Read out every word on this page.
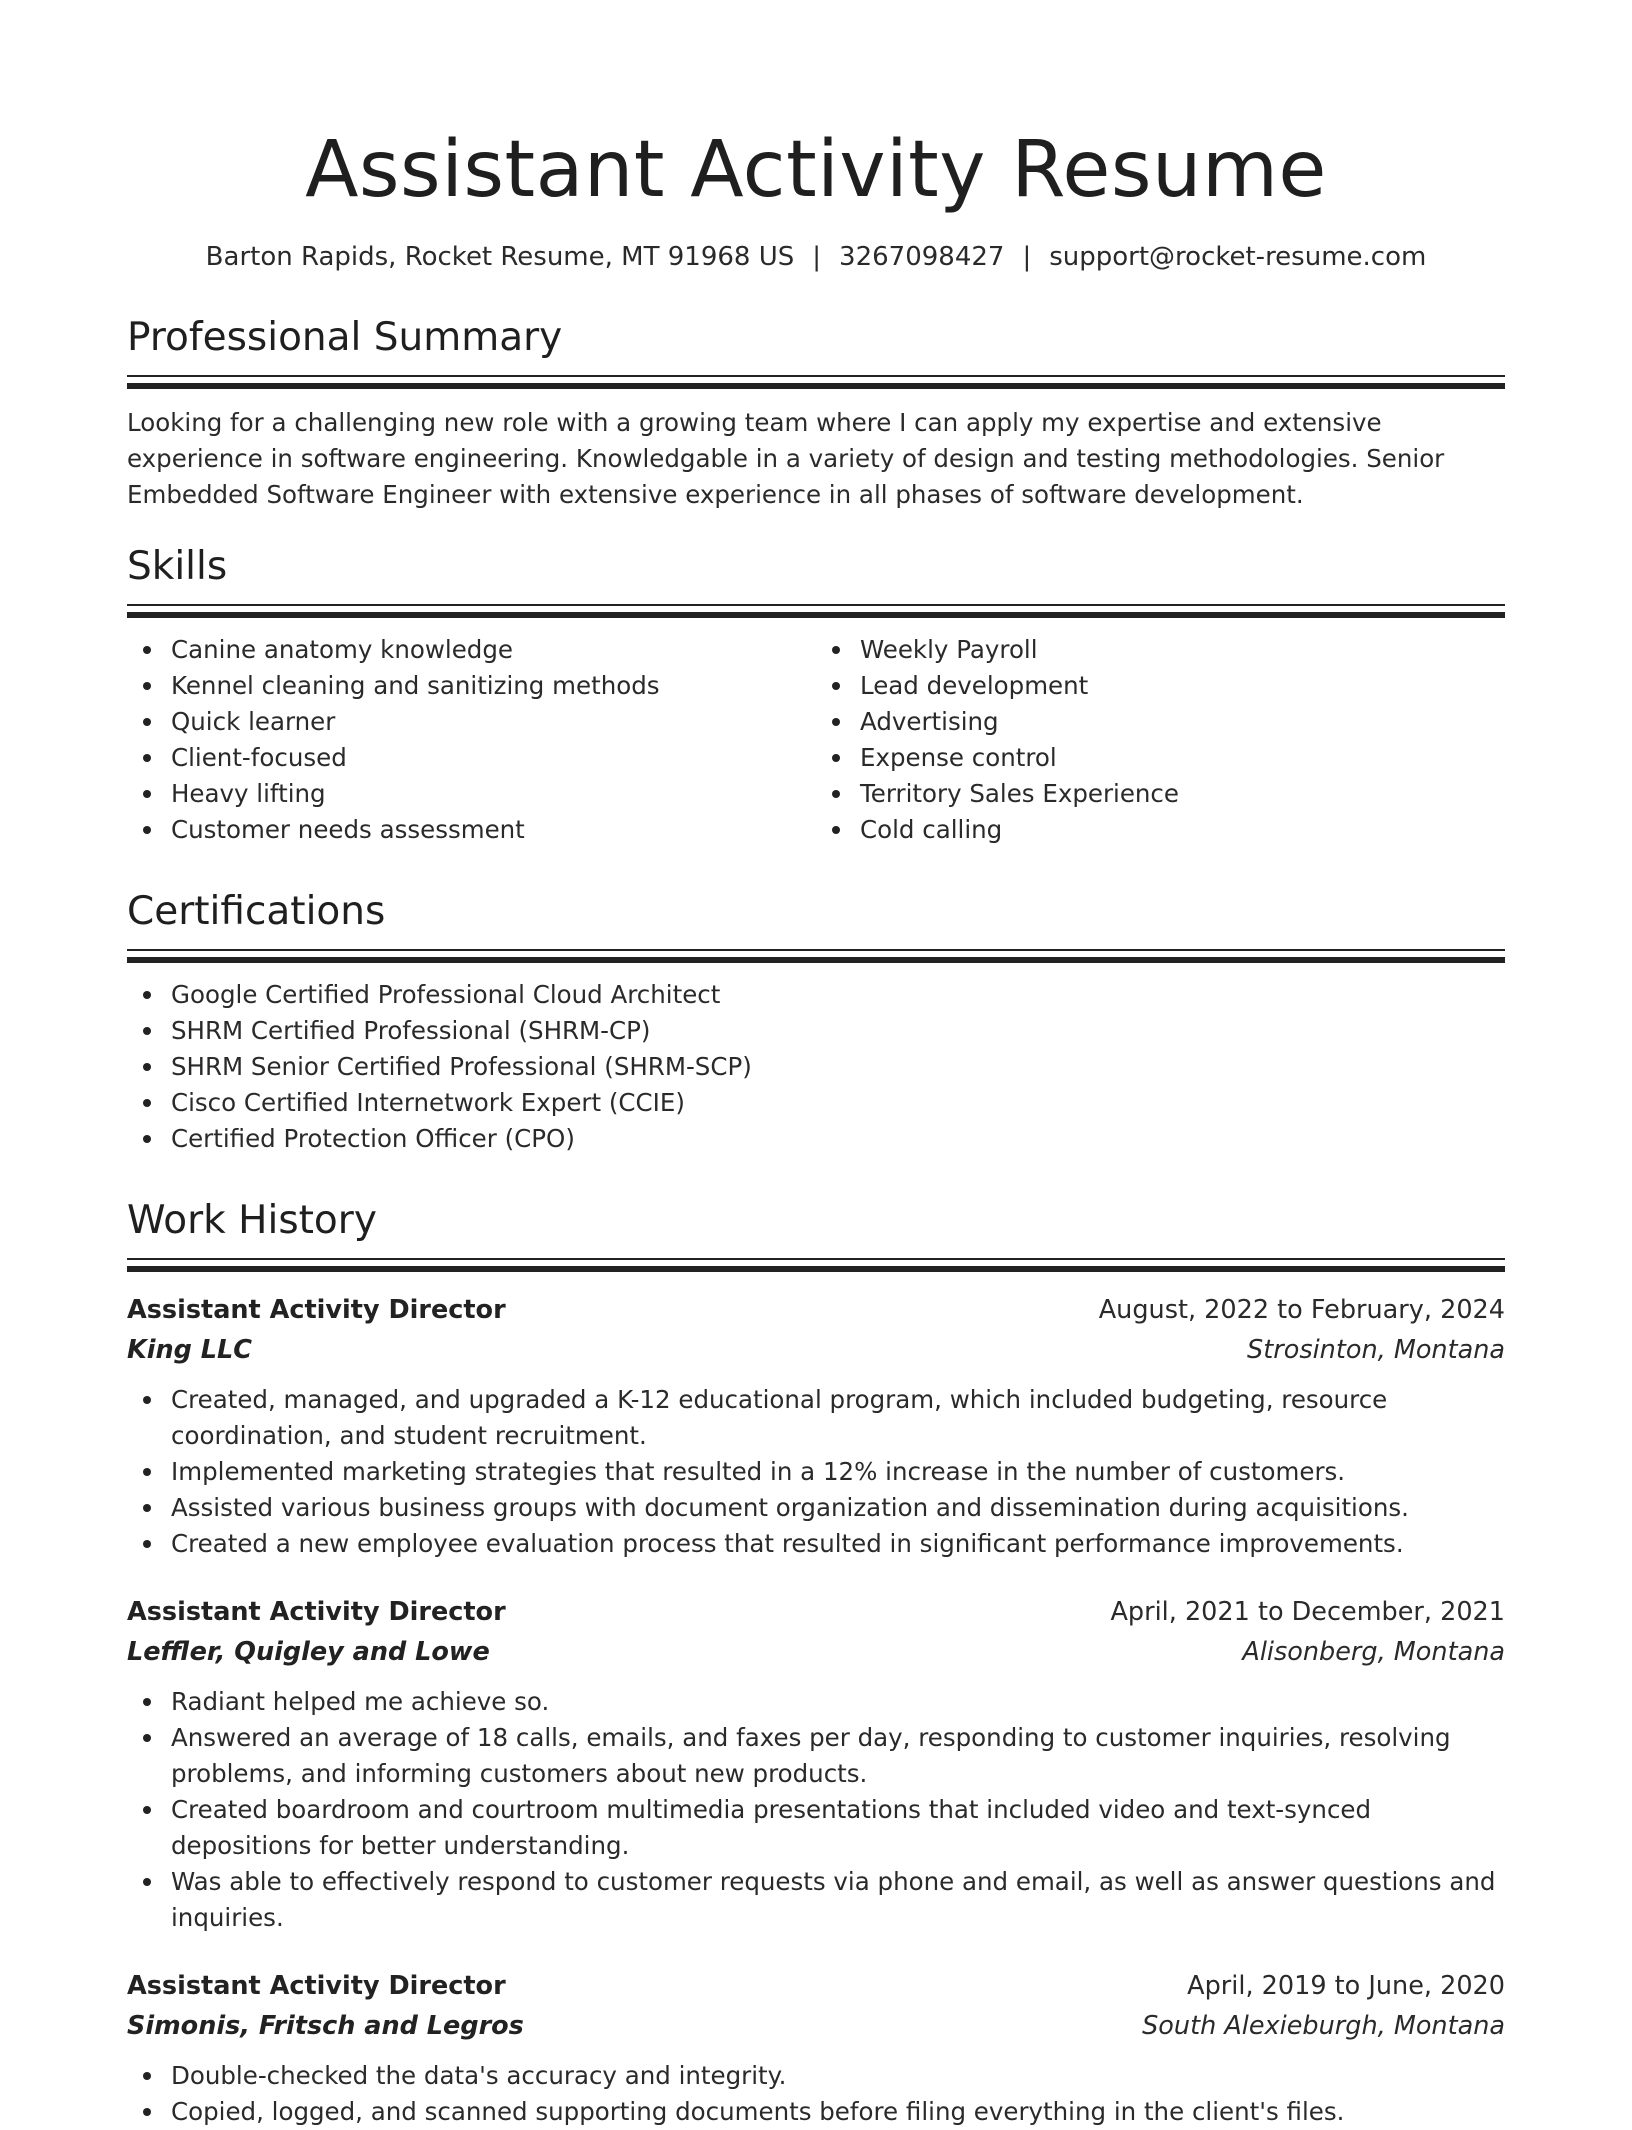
Assistant Activity Resume
Barton Rapids, Rocket Resume, MT 91968 US | 3267098427 | support@rocket-resume.com
Professional Summary

Looking for a challenging new role with a growing team where I can apply my expertise and extensive experience in software engineering. Knowledgable in a variety of design and testing methodologies. Senior Embedded Software Engineer with extensive experience in all phases of software development.

Skills
Canine anatomy knowledge
Kennel cleaning and sanitizing methods
Quick learner
Client-focused
Heavy lifting
Customer needs assessment
Weekly Payroll
Lead development
Advertising
Expense control
Territory Sales Experience
Cold calling
Certifications
Google Certified Professional Cloud Architect
SHRM Certified Professional (SHRM-CP)
SHRM Senior Certified Professional (SHRM-SCP)
Cisco Certified Internetwork Expert (CCIE)
Certified Protection Officer (CPO)
Work History
Assistant Activity Director	August, 2022 to February, 2024
King LLC	Strosinton, Montana
Created, managed, and upgraded a K-12 educational program, which included budgeting, resource coordination, and student recruitment.
Implemented marketing strategies that resulted in a 12% increase in the number of customers.
Assisted various business groups with document organization and dissemination during acquisitions.
Created a new employee evaluation process that resulted in significant performance improvements.
Assistant Activity Director	April, 2021 to December, 2021
Leffler, Quigley and Lowe	Alisonberg, Montana
Radiant helped me achieve so.
Answered an average of 18 calls, emails, and faxes per day, responding to customer inquiries, resolving problems, and informing customers about new products.
Created boardroom and courtroom multimedia presentations that included video and text-synced depositions for better understanding.
Was able to effectively respond to customer requests via phone and email, as well as answer questions and inquiries.
Assistant Activity Director	April, 2019 to June, 2020
Simonis, Fritsch and Legros	South Alexieburgh, Montana
Double-checked the data's accuracy and integrity.
Copied, logged, and scanned supporting documents before filing everything in the client's files.
